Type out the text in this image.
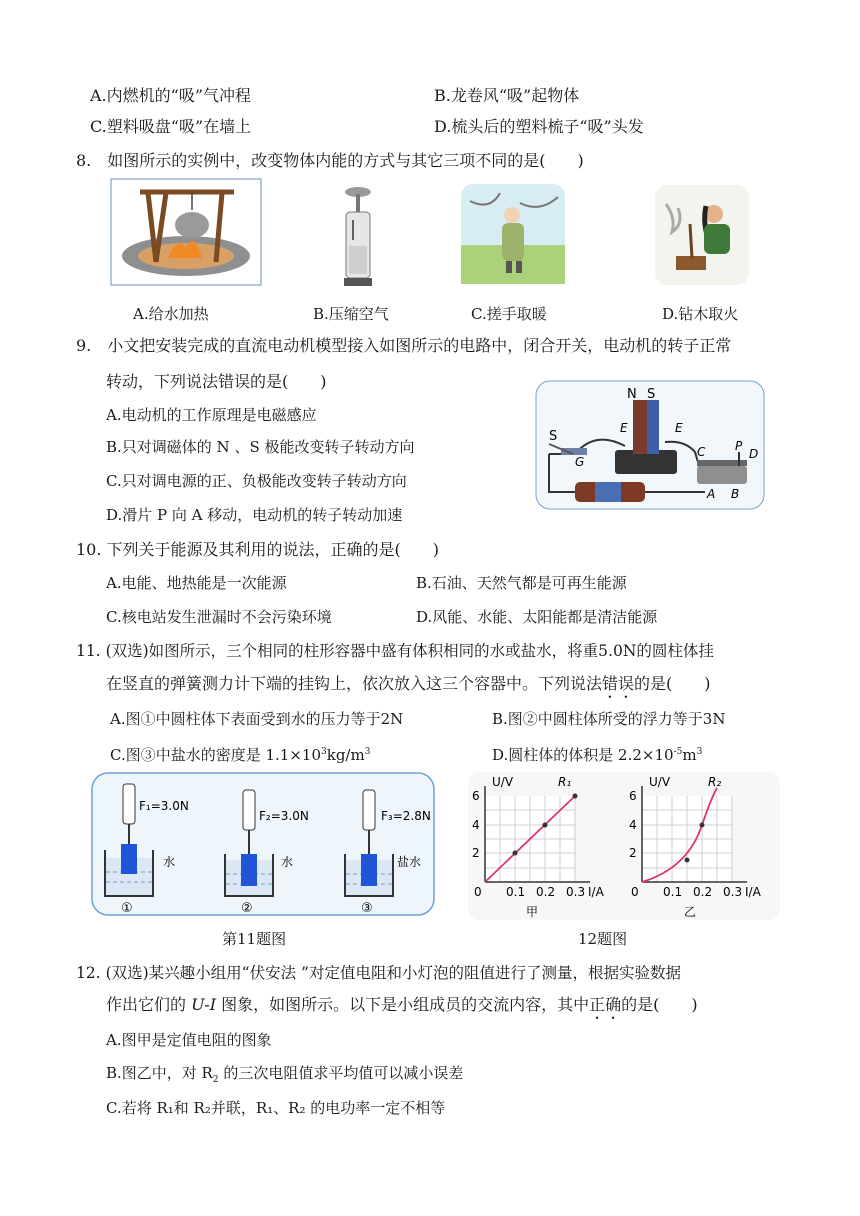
A.内燃机的“吸”气冲程	B.龙卷风“吸”起物体
C.塑料吸盘“吸”在墙上	D.梳头后的塑料梳子“吸”头发
8.　如图所示的实例中，改变物体内能的方式与其它三项不同的是(　　)
A.给水加热	B.压缩空气	C.搓手取暖	D.钻木取火
9.　小文把安装完成的直流电动机模型接入如图所示的电路中，闭合开关，电动机的转子正常
转动，下列说法错误的是(　　)
A.电动机的工作原理是电磁感应
B.只对调磁体的 N 、S 极能改变转子转动方向
C.只对调电源的正、负极能改变转子转动方向
D.滑片 P 向 A 移动，电动机的转子转动加速
N S
E	E
S
G
C P
D
A B
10. 下列关于能源及其利用的说法，正确的是(　　)
A.电能、地热能是一次能源	B.石油、天然气都是可再生能源
C.核电站发生泄漏时不会污染环境	D.风能、水能、太阳能都是清洁能源
11. (双选)如图所示，三个相同的柱形容器中盛有体积相同的水或盐水，将重5.0N的圆柱体挂
在竖直的弹簧测力计下端的挂钩上，依次放入这三个容器中。下列说法错误的是(　　)
A.图①中圆柱体下表面受到水的压力等于2N	B.图②中圆柱体所受的浮力等于3N
C.图③中盐水的密度是 $1.1\times 10^3kg/m^3$	D.圆柱体的体积是 $2.2\times 10^{-5}m^3$
F₁=3.0N
水
①
F₂=3.0N
水
②
F₃=2.8N
盐水
③
U/V	R₁
6
4
2
0 0.1 0.2 0.3 I/A
甲
U/V	R₂
6
4
2
0 0.1 0.2 0.3 I/A
乙
第11题图	12题图
12. (双选)某兴趣小组用“伏安法 ”对定值电阻和小灯泡的阻值进行了测量，根据实验数据
作出它们的 U-I 图象，如图所示。以下是小组成员的交流内容，其中正确的是(　　)
A.图甲是定值电阻的图象
B.图乙中，对 $R_2$ 的三次电阻值求平均值可以减小误差
C.若将 R₁和 R₂并联，R₁、R₂ 的电功率一定不相等
